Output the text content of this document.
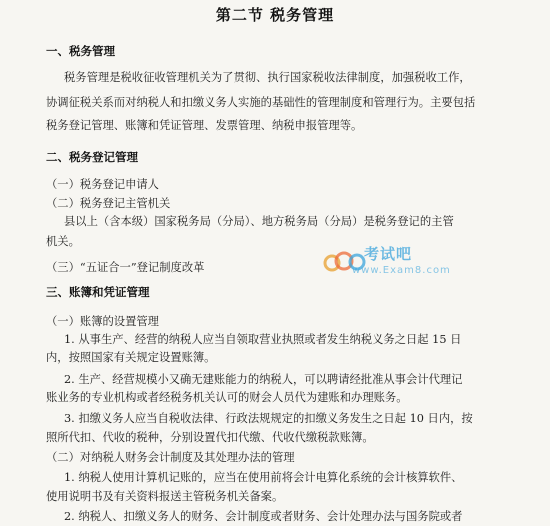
第二节 税务管理
一、税务管理
税务管理是税收征收管理机关为了贯彻、执行国家税收法律制度，加强税收工作，
协调征税关系而对纳税人和扣缴义务人实施的基础性的管理制度和管理行为。主要包括
税务登记管理、账簿和凭证管理、发票管理、纳税申报管理等。
二、税务登记管理
（一）税务登记申请人
（二）税务登记主管机关
县以上（含本级）国家税务局（分局）、地方税务局（分局）是税务登记的主管
机关。
（三）“五证合一”登记制度改革
三、账簿和凭证管理
（一）账簿的设置管理
1. 从事生产、经营的纳税人应当自领取营业执照或者发生纳税义务之日起 15 日
内，按照国家有关规定设置账簿。
2. 生产、经营规模小又确无建账能力的纳税人，可以聘请经批准从事会计代理记
账业务的专业机构或者经税务机关认可的财会人员代为建账和办理账务。
3. 扣缴义务人应当自税收法律、行政法规规定的扣缴义务发生之日起 10 日内，按
照所代扣、代收的税种，分别设置代扣代缴、代收代缴税款账簿。
（二）对纳税人财务会计制度及其处理办法的管理
1. 纳税人使用计算机记账的，应当在使用前将会计电算化系统的会计核算软件、
使用说明书及有关资料报送主管税务机关备案。
2. 纳税人、扣缴义务人的财务、会计制度或者财务、会计处理办法与国务院或者
考试吧
www.Exam8.com
